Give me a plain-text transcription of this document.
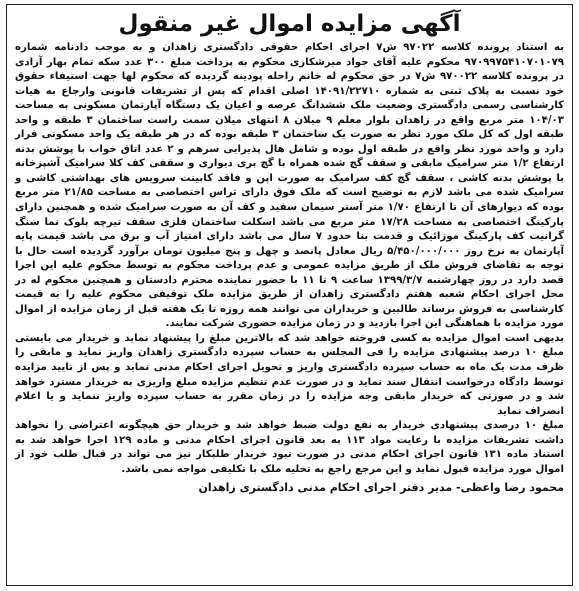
آگهی مزایده اموال غیر منقول

به استناد پرونده کلاسه ۹۷۰۲۲ ش۷ اجرای احکام حقوقی دادگستری زاهدان و به موجب دادنامه شماره ۹۷۰۹۹۷۵۴۱۰۷۰۱۰۷۹ محکوم علیه آقای جواد میرشکاری محکوم به پرداخت مبلغ ۳۰۰ عدد سکه تمام بهار آزادی در پرونده کلاسه ۹۷۰۰۲۲ ش۷ در حق محکوم له خانم راحله پودینه گردیده که محکوم لها جهت استیفاء حقوق خود نسبت به پلاک ثبتی به شماره ۱۴۰۹۱/۲۲۷۱۰ اصلی اقدام که پس از تشریفات قانونی وارجاع به هیات کارشناسی رسمی دادگستری وضعیت ملک ششدانگ عرصه و اعیان یک دستگاه آپارتمان مسکونی به مساحت ۱۰۴/۰۳ متر مربع واقع در زاهدان بلوار معلم ۹ میلان ۸ انتهای میلان سمت راست ساختمان ۳ طبقه و واحد طبقه اول که کل ملک مورد نظر به صورت یک ساختمان ۳ طبقه بوده که در هر طبقه یک واحد مسکونی قرار دارد و واحد مورد نظر واقع در طبقه اول بوده و شامل هال پذیرایی سرهم و ۲ عدد اتاق خواب با پوشش بدنه ارتفاع ۱/۲ متر سرامیک مابقی و سقف گچ شده همراه با گچ بری دیواری و سقفی کف کلا سرامیک آشپزخانه با پوشش بدنه کاشی ، سقف گچ کف سرامیک به صورت اپن و فاقد کابینت سرویس های بهداشتی کاشی و سرامیک شده می باشد لازم به توضیح است که ملک فوق دارای تراس اختصاصی به مساحت ۲۱/۸۵ متر مربع بوده که دیوارهای آن تا ارتفاع ۱/۷۰ متر آستر سیمان سفید و کف آن به صورت سرامیک شده و همچنین دارای پارکینگ اختصاصی به مساحت ۱۷/۲۸ متر مربع می باشد اسکلت ساختمان فلزی سقف تیرچه بلوک نما سنگ گرانیت کف پارکینگ موزائیک و قدمت بنا حدود ۷ سال می باشد دارای امتیاز آب و برق می باشد قیمت پایه آپارتمان به نرخ روز ۵/۴۵۰/۰۰۰/۰۰۰ ریال معادل پانصد و چهل و پنج میلیون تومان برآورد گردیده است حال با توجه به تقاضای فروش ملک از طریق مزایده عمومی و عدم پرداخت محکوم به توسط محکوم علیه این اجرا قصد دارد در روز چهارشنبه ۱۳۹۹/۳/۷ ساعت ۹ تا ۱۱ با حضور نماینده محترم دادستان و همچنین محکوم له در محل اجرای احکام شعبه هفتم دادگستری زاهدان از طریق مزایده ملک توقیفی محکوم علیه را به قیمت کارشناسی به فروش برساند طالبین و خریداران می توانند همه روزه تا یک هفته قبل از زمان مزایده از اموال مورد مزایده با هماهنگی این اجرا بازدید و در زمان مزایده حضوری شرکت نمایند.

بدیهی است اموال مزایده به کسی فروخته خواهد شد که بالاترین مبلغ را پیشنهاد نماید و خریدار می بایستی مبلغ ۱۰ درصد پیشنهادی مزایده را فی المجلس به حساب سپرده دادگستری زاهدان واریز نماید و مابقی را ظرف مدت یک ماه به حساب سپرده دادگستری واریز و تحویل اجرای احکام مدنی نماید و پس از تایید مزایده توسط دادگاه درخواست انتقال سند نماید و در صورت عدم تنظیم مزایده مبلغ واریزی به خریدار مسترد خواهد شد و در صورتی که خریدار مابقی وجه مزایده را در زمان مقرر به حساب سپرده واریز ننماید و یا اعلام انصراف نماید

مبلغ ۱۰ درصدی پیشنهادی خریدار به نفع دولت ضبط خواهد شد و خریدار حق هیچگونه اعتراضی را نخواهد داشت تشریفات مزایده با رعایت مواد ۱۱۳ به بعد قانون اجرای احکام مدنی و ماده ۱۲۹ اجرا خواهد شد به استناد ماده ۱۳۱ قانون اجرای احکام مدنی در صورت نبود خریدار طلبکار نیز می تواند در قبال طلب خود از اموال مورد مزایده قبول نماید و این مرجع راجع به تخلیه ملک با تکلیفی مواجه نمی باشد.

محمود رضا واعظی- مدیر دفتر اجرای احکام مدنی دادگستری زاهدان
